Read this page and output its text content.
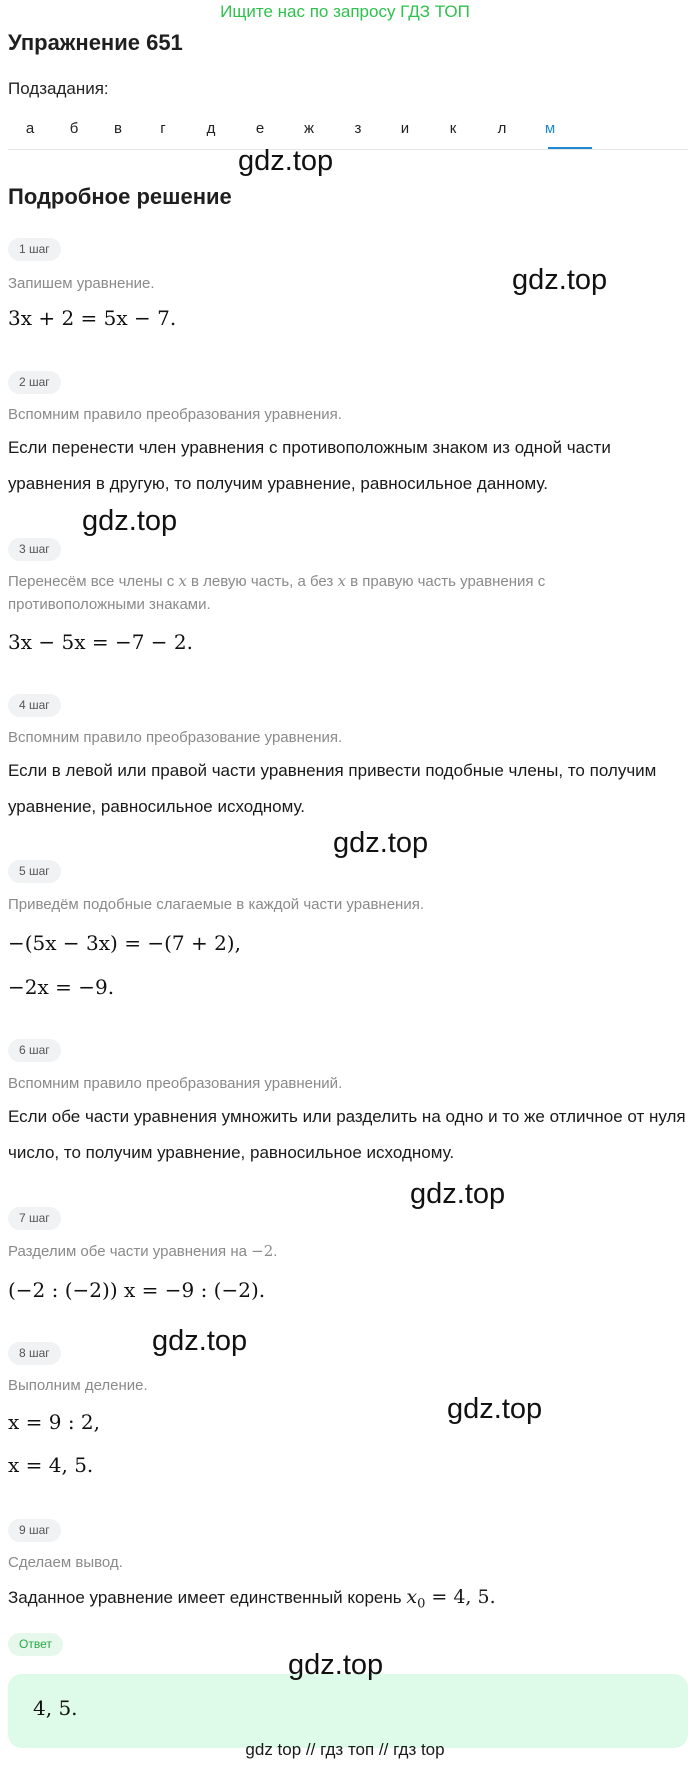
Ищите нас по запросу ГДЗ ТОП
Упражнение 651
Подзадания:
а	б	в	г	д	е	ж	з	и	к	л	м
gdz.top
Подробное решение
1 шаг
gdz.top
Запишем уравнение.
3x + 2 = 5x − 7.
2 шаг
Вспомним правило преобразования уравнения.
Если перенести член уравнения с противоположным знаком из одной части уравнения в другую, то получим уравнение, равносильное данному.
gdz.top
3 шаг
Перенесём все члены с x в левую часть, а без x в правую часть уравнения с противоположными знаками.
3x − 5x = −7 − 2.
4 шаг
Вспомним правило преобразование уравнения.
Если в левой или правой части уравнения привести подобные члены, то получим уравнение, равносильное исходному.
gdz.top
5 шаг
Приведём подобные слагаемые в каждой части уравнения.
−(5x − 3x) = −(7 + 2),
−2x = −9.
6 шаг
Вспомним правило преобразования уравнений.
Если обе части уравнения умножить или разделить на одно и то же отличное от нуля число, то получим уравнение, равносильное исходному.
gdz.top
7 шаг
Разделим обе части уравнения на −2.
(−2 : (−2)) x = −9 : (−2).
gdz.top
8 шаг
Выполним деление.
gdz.top
x = 9 : 2,
x = 4, 5.
9 шаг
Сделаем вывод.
Заданное уравнение имеет единственный корень $x_0 = 4$, 5.
Ответ
gdz.top
4, 5.
gdz top // гдз топ // гдз top
